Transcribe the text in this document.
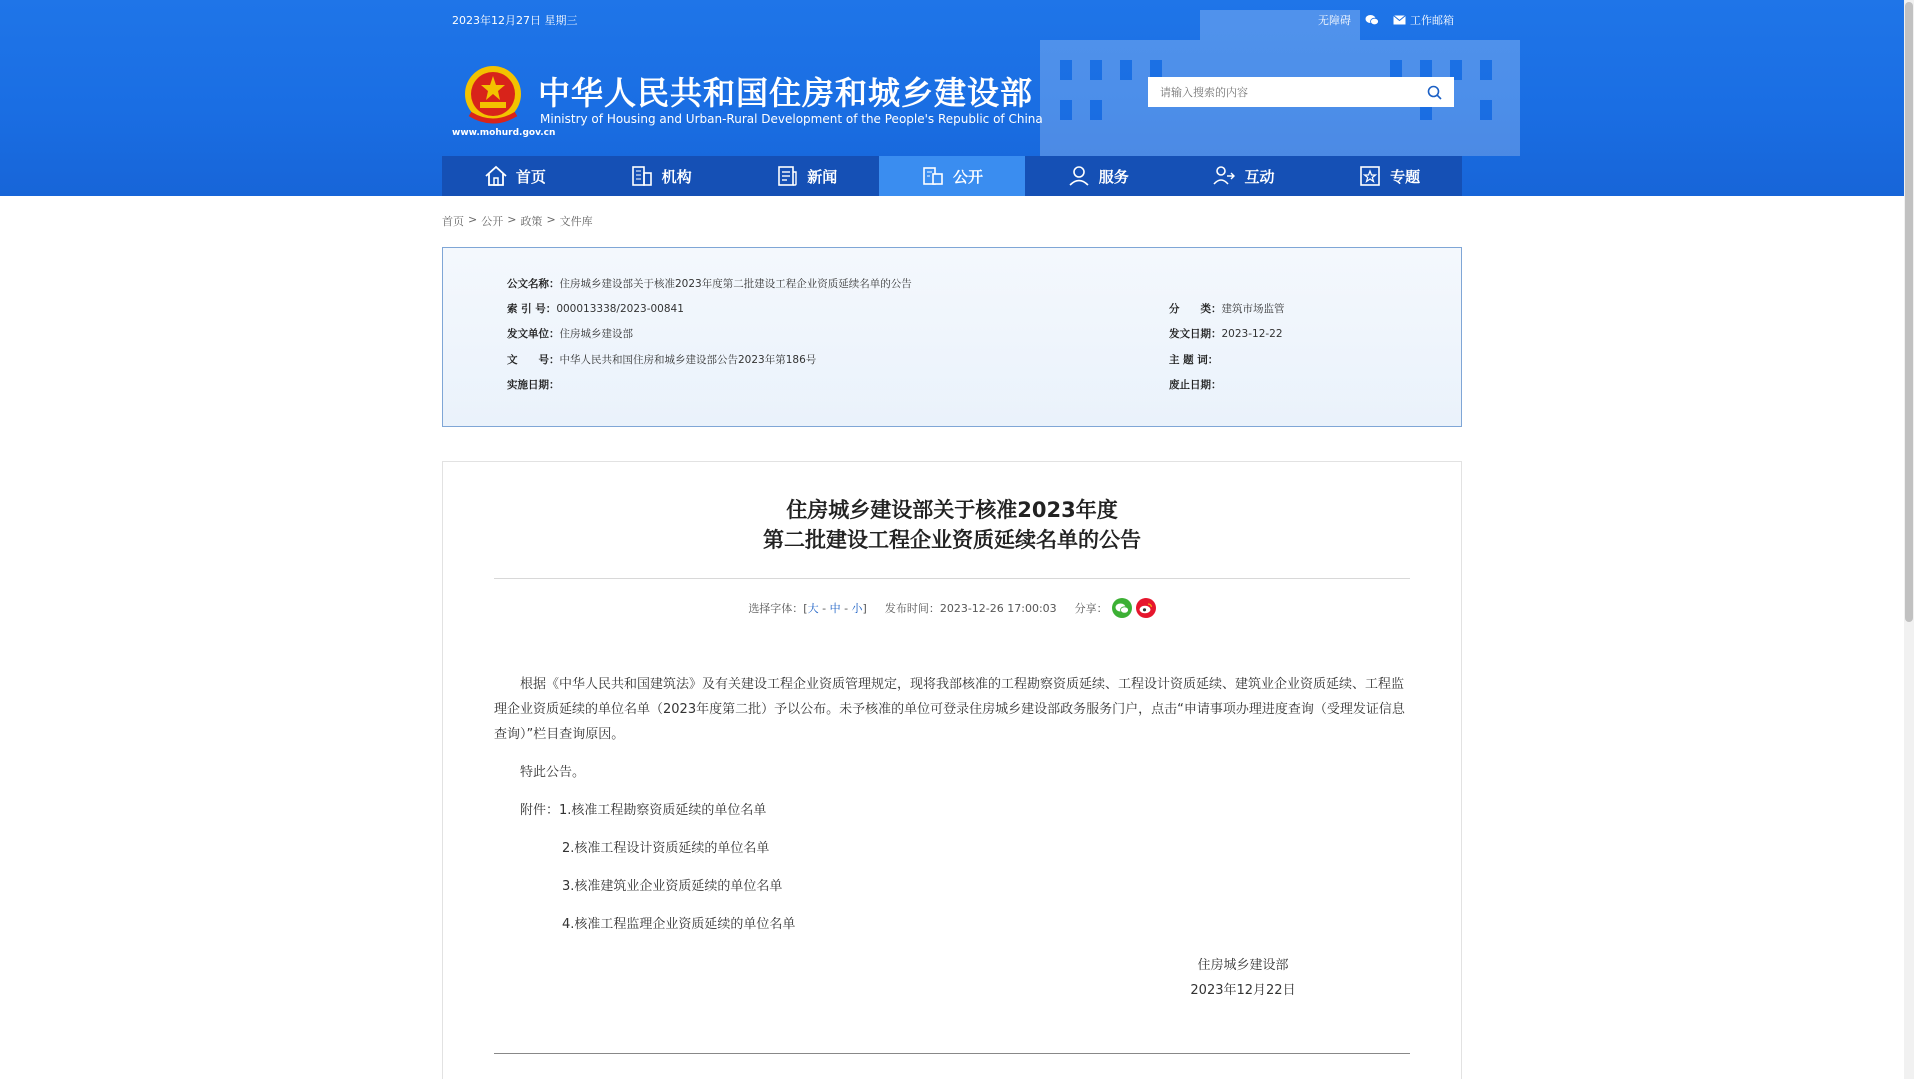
2023年12月27日 星期三	无障碍	工作邮箱
www.mohurd.gov.cn
中华人民共和国住房和城乡建设部
Ministry of Housing and Urban-Rural Development of the People's Republic of China
请输入搜索的内容
首页	机构	新闻	公开	服务	互动	专题
首页 > 公开 > 政策 > 文件库
公文名称：住房城乡建设部关于核准2023年度第二批建设工程企业资质延续名单的公告
索 引 号：000013338/2023-00841	分　　类：建筑市场监管
发文单位：住房城乡建设部	发文日期：2023-12-22
文　　号：中华人民共和国住房和城乡建设部公告2023年第186号	主 题 词：
实施日期：	废止日期：
住房城乡建设部关于核准2023年度
第二批建设工程企业资质延续名单的公告
选择字体：[大 - 中 - 小] 发布时间：2023-12-26 17:00:03 分享：

根据《中华人民共和国建筑法》及有关建设工程企业资质管理规定，现将我部核准的工程勘察资质延续、工程设计资质延续、建筑业企业资质延续、工程监理企业资质延续的单位名单（2023年度第二批）予以公布。未予核准的单位可登录住房城乡建设部政务服务门户，点击“申请事项办理进度查询（受理发证信息查询）”栏目查询原因。

特此公告。

附件：1.核准工程勘察资质延续的单位名单

2.核准工程设计资质延续的单位名单

3.核准建筑业企业资质延续的单位名单

4.核准工程监理企业资质延续的单位名单

住房城乡建设部
2023年12月22日
